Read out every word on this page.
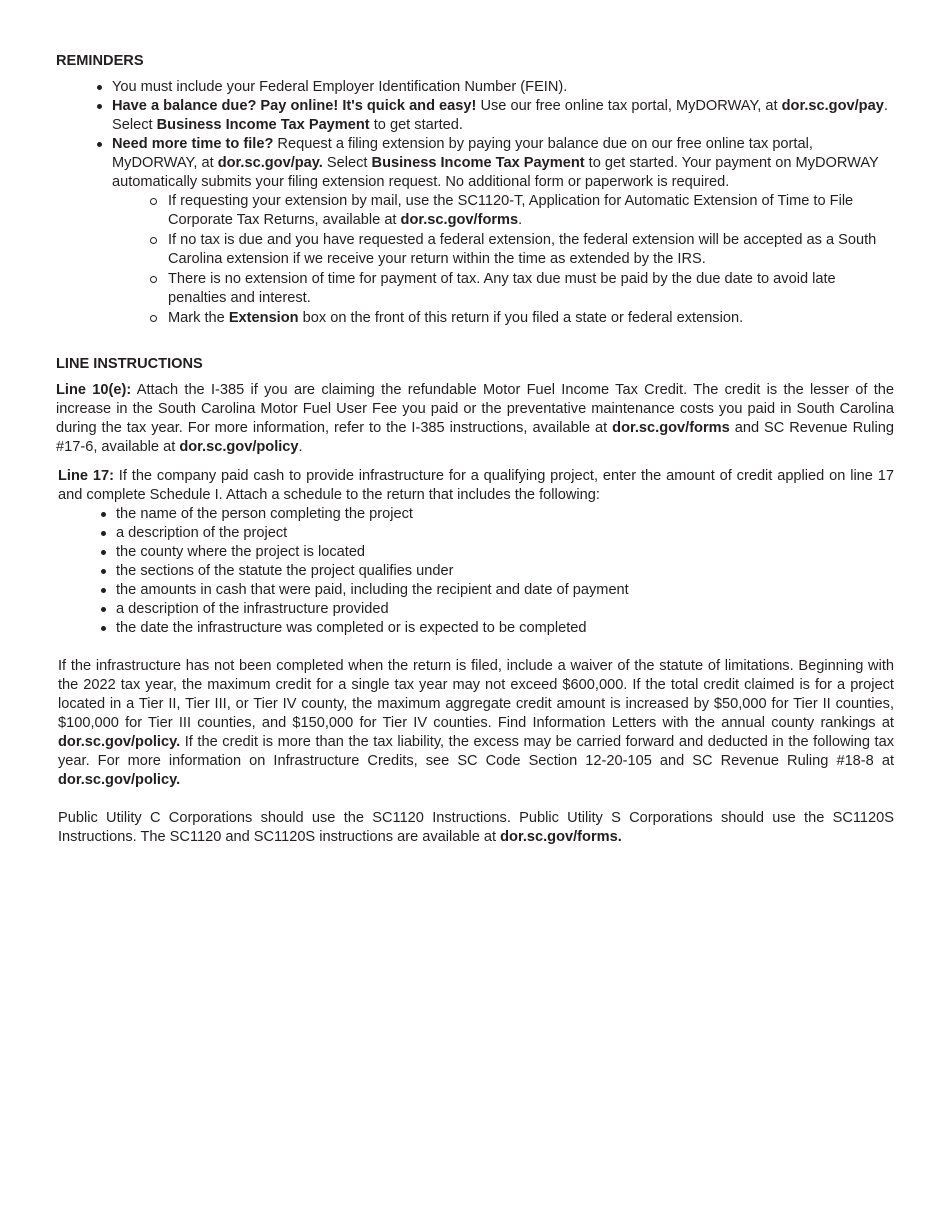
REMINDERS
You must include your Federal Employer Identification Number (FEIN).
Have a balance due? Pay online! It's quick and easy! Use our free online tax portal, MyDORWAY, at dor.sc.gov/pay. Select Business Income Tax Payment to get started.
Need more time to file? Request a filing extension by paying your balance due on our free online tax portal, MyDORWAY, at dor.sc.gov/pay. Select Business Income Tax Payment to get started. Your payment on MyDORWAY automatically submits your filing extension request. No additional form or paperwork is required.
If requesting your extension by mail, use the SC1120-T, Application for Automatic Extension of Time to File Corporate Tax Returns, available at dor.sc.gov/forms.
If no tax is due and you have requested a federal extension, the federal extension will be accepted as a South Carolina extension if we receive your return within the time as extended by the IRS.
There is no extension of time for payment of tax. Any tax due must be paid by the due date to avoid late penalties and interest.
Mark the Extension box on the front of this return if you filed a state or federal extension.
LINE INSTRUCTIONS

Line 10(e): Attach the I-385 if you are claiming the refundable Motor Fuel Income Tax Credit. The credit is the lesser of the increase in the South Carolina Motor Fuel User Fee you paid or the preventative maintenance costs you paid in South Carolina during the tax year. For more information, refer to the I-385 instructions, available at dor.sc.gov/forms and SC Revenue Ruling #17-6, available at dor.sc.gov/policy.

Line 17: If the company paid cash to provide infrastructure for a qualifying project, enter the amount of credit applied on line 17 and complete Schedule I. Attach a schedule to the return that includes the following:

the name of the person completing the project
a description of the project
the county where the project is located
the sections of the statute the project qualifies under
the amounts in cash that were paid, including the recipient and date of payment
a description of the infrastructure provided
the date the infrastructure was completed or is expected to be completed

If the infrastructure has not been completed when the return is filed, include a waiver of the statute of limitations. Beginning with the 2022 tax year, the maximum credit for a single tax year may not exceed $600,000. If the total credit claimed is for a project located in a Tier II, Tier III, or Tier IV county, the maximum aggregate credit amount is increased by $50,000 for Tier II counties, $100,000 for Tier III counties, and $150,000 for Tier IV counties. Find Information Letters with the annual county rankings at dor.sc.gov/policy. If the credit is more than the tax liability, the excess may be carried forward and deducted in the following tax year. For more information on Infrastructure Credits, see SC Code Section 12-20-105 and SC Revenue Ruling #18-8 at dor.sc.gov/policy.

Public Utility C Corporations should use the SC1120 Instructions. Public Utility S Corporations should use the SC1120S Instructions. The SC1120 and SC1120S instructions are available at dor.sc.gov/forms.
